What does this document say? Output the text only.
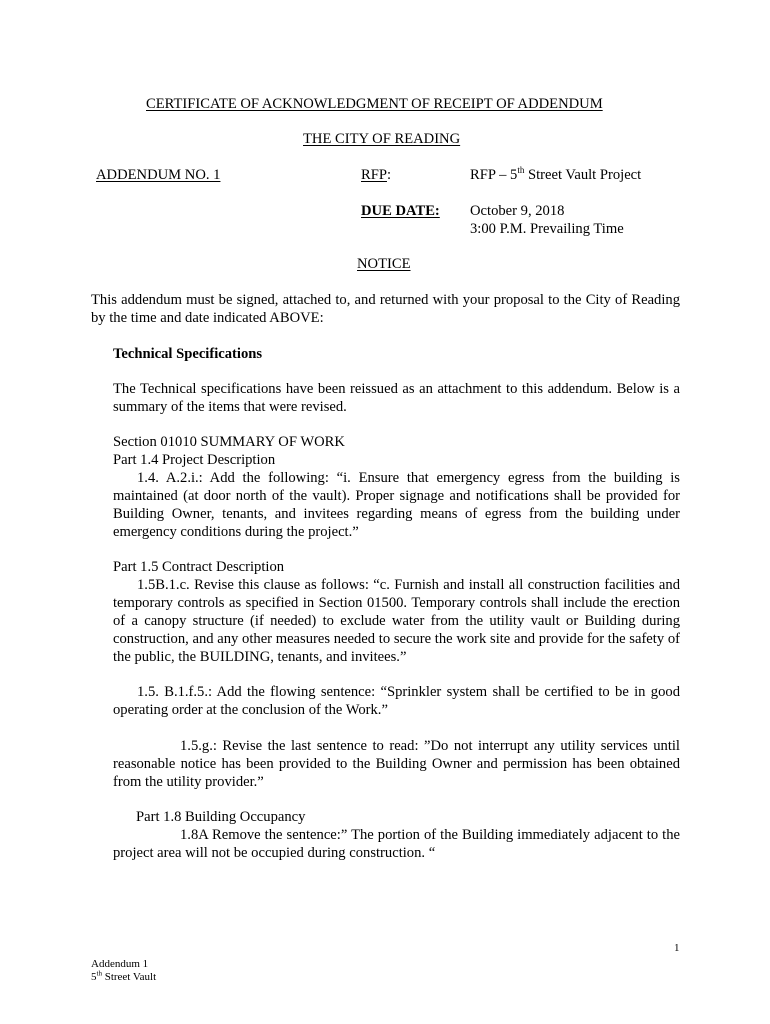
CERTIFICATE OF ACKNOWLEDGMENT OF RECEIPT OF ADDENDUM
THE CITY OF READING
ADDENDUM NO. 1	RFP:	RFP – 5th Street Vault Project
DUE DATE: October 9, 2018
3:00 P.M. Prevailing Time
NOTICE

This addendum must be signed, attached to, and returned with your proposal to the City of Reading by the time and date indicated ABOVE:

Technical Specifications

The Technical specifications have been reissued as an attachment to this addendum. Below is a summary of the items that were revised.

Section 01010 SUMMARY OF WORK
Part 1.4 Project Description

1.4. A.2.i.: Add the following: “i. Ensure that emergency egress from the building is maintained (at door north of the vault). Proper signage and notifications shall be provided for Building Owner, tenants, and invitees regarding means of egress from the building under emergency conditions during the project.”

Part 1.5 Contract Description

1.5B.1.c. Revise this clause as follows: “c. Furnish and install all construction facilities and temporary controls as specified in Section 01500. Temporary controls shall include the erection of a canopy structure (if needed) to exclude water from the utility vault or Building during construction, and any other measures needed to secure the work site and provide for the safety of the public, the BUILDING, tenants, and invitees.”

1.5. B.1.f.5.: Add the flowing sentence: “Sprinkler system shall be certified to be in good operating order at the conclusion of the Work.”

1.5.g.: Revise the last sentence to read: ”Do not interrupt any utility services until reasonable notice has been provided to the Building Owner and permission has been obtained from the utility provider.”

Part 1.8 Building Occupancy

1.8A Remove the sentence:” The portion of the Building immediately adjacent to the project area will not be occupied during construction. “

1
Addendum 1
5th Street Vault
